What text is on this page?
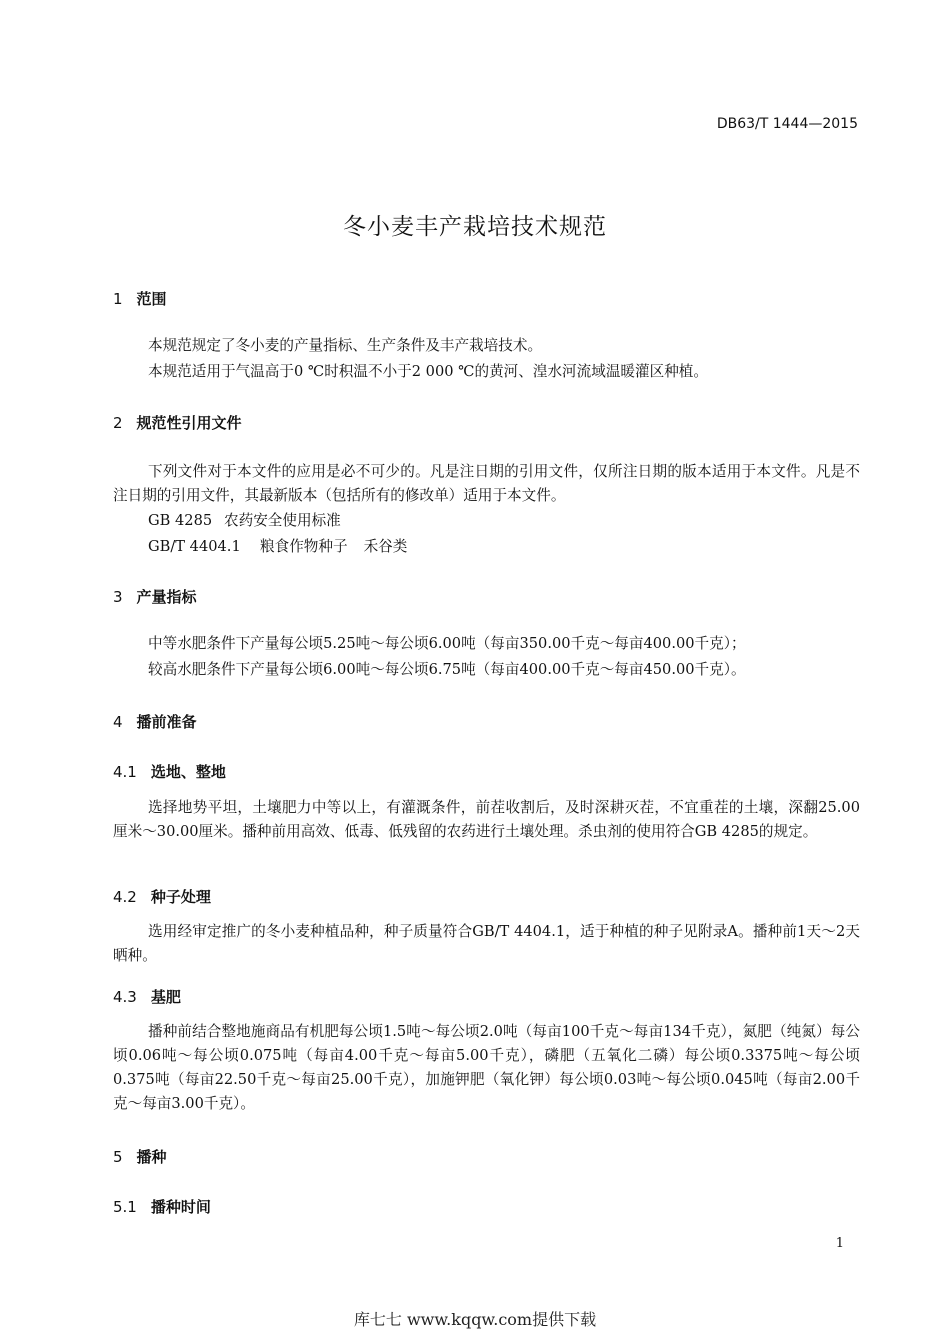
DB63/T 1444—2015
冬小麦丰产栽培技术规范
1 范围

本规范规定了冬小麦的产量指标、生产条件及丰产栽培技术。

本规范适用于气温高于0 ℃时积温不小于2 000 ℃的黄河、湟水河流域温暖灌区种植。

2 规范性引用文件

下列文件对于本文件的应用是必不可少的。凡是注日期的引用文件，仅所注日期的版本适用于本文件。凡是不注日期的引用文件，其最新版本（包括所有的修改单）适用于本文件。

GB 4285 农药安全使用标准

GB/T 4404.1 粮食作物种子 禾谷类

3 产量指标

中等水肥条件下产量每公顷5.25吨～每公顷6.00吨（每亩350.00千克～每亩400.00千克）；

较高水肥条件下产量每公顷6.00吨～每公顷6.75吨（每亩400.00千克～每亩450.00千克）。

4 播前准备
4.1 选地、整地

选择地势平坦，土壤肥力中等以上，有灌溉条件，前茬收割后，及时深耕灭茬，不宜重茬的土壤，深翻25.00厘米～30.00厘米。播种前用高效、低毒、低残留的农药进行土壤处理。杀虫剂的使用符合GB 4285的规定。

4.2 种子处理

选用经审定推广的冬小麦种植品种，种子质量符合GB/T 4404.1，适于种植的种子见附录A。播种前1天～2天晒种。

4.3 基肥

播种前结合整地施商品有机肥每公顷1.5吨～每公顷2.0吨（每亩100千克～每亩134千克），氮肥（纯氮）每公顷0.06吨～每公顷0.075吨（每亩4.00千克～每亩5.00千克），磷肥（五氧化二磷）每公顷0.3375吨～每公顷0.375吨（每亩22.50千克～每亩25.00千克），加施钾肥（氧化钾）每公顷0.03吨～每公顷0.045吨（每亩2.00千克～每亩3.00千克）。

5 播种
5.1 播种时间
1
库七七 www.kqqw.com提供下载
